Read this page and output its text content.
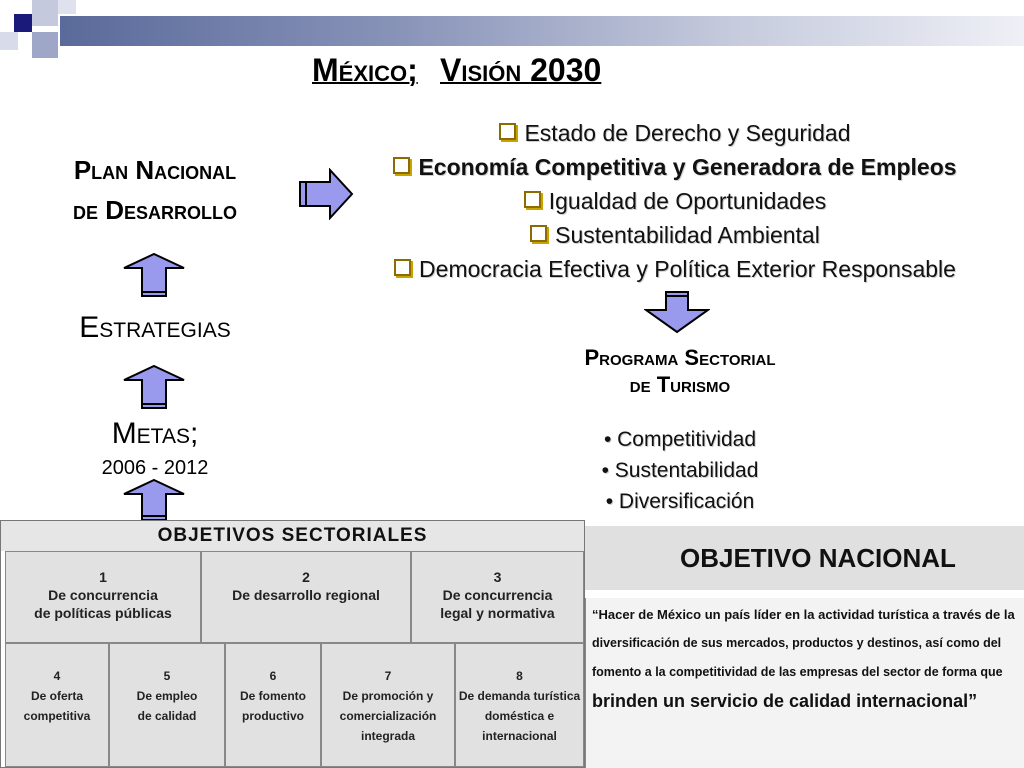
México; Visión 2030
Plan Nacional
de Desarrollo
Estrategias
Metas;
2006 - 2012
Estado de Derecho y Seguridad
Economía Competitiva y Generadora de Empleos
Igualdad de Oportunidades
Sustentabilidad Ambiental
Democracia Efectiva y Política Exterior Responsable
Programa Sectorial
de Turismo
• Competitividad
• Sustentabilidad
• Diversificación
OBJETIVOS SECTORIALES
1
De concurrencia
de políticas públicas
2
De desarrollo regional
3
De concurrencia
legal y normativa
4
De oferta
competitiva
5
De empleo
de calidad
6
De fomento
productivo
7
De promoción y
comercialización integrada
8
De demanda turística
doméstica e internacional
OBJETIVO NACIONAL
“Hacer de México un país líder en la actividad turística a través de la
diversificación de sus mercados, productos y destinos, así como del
fomento a la competitividad de las empresas del sector de forma que
brinden un servicio de calidad internacional”
